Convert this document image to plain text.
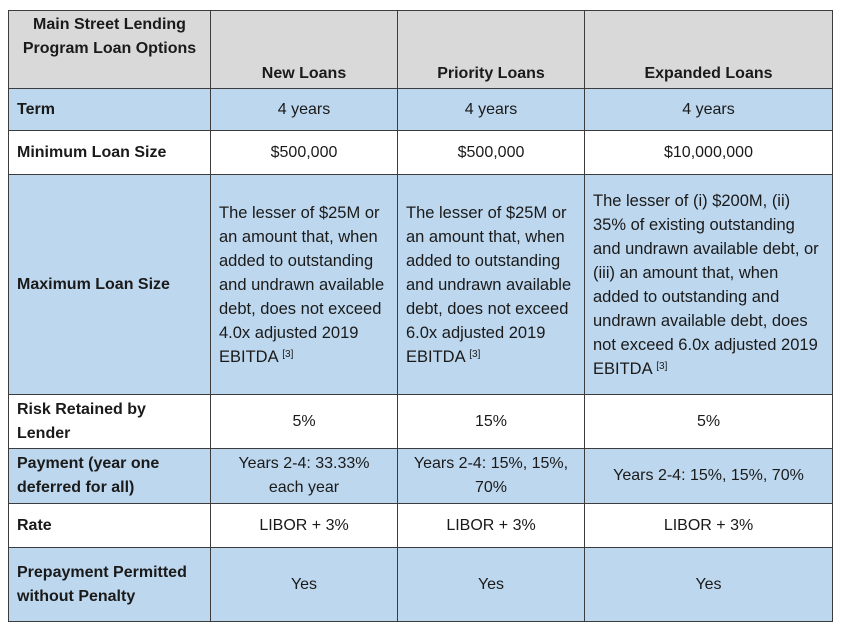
Main Street Lending Program Loan Options	New Loans	Priority Loans	Expanded Loans
Term	4 years	4 years	4 years
Minimum Loan Size	$500,000	$500,000	$10,000,000
Maximum Loan Size	The lesser of $25M or an amount that, when added to outstanding and undrawn available debt, does not exceed 4.0x adjusted 2019 EBITDA [3]	The lesser of $25M or an amount that, when added to outstanding and undrawn available debt, does not exceed 6.0x adjusted 2019 EBITDA [3]	The lesser of (i) $200M, (ii) 35% of existing outstanding and undrawn available debt, or (iii) an amount that, when added to outstanding and undrawn available debt, does not exceed 6.0x adjusted 2019 EBITDA [3]
Risk Retained by Lender	5%	15%	5%
Payment (year one deferred for all)	Years 2-4: 33.33% each year	Years 2-4: 15%, 15%, 70%	Years 2-4: 15%, 15%, 70%
Rate	LIBOR + 3%	LIBOR + 3%	LIBOR + 3%
Prepayment Permitted without Penalty	Yes	Yes	Yes
